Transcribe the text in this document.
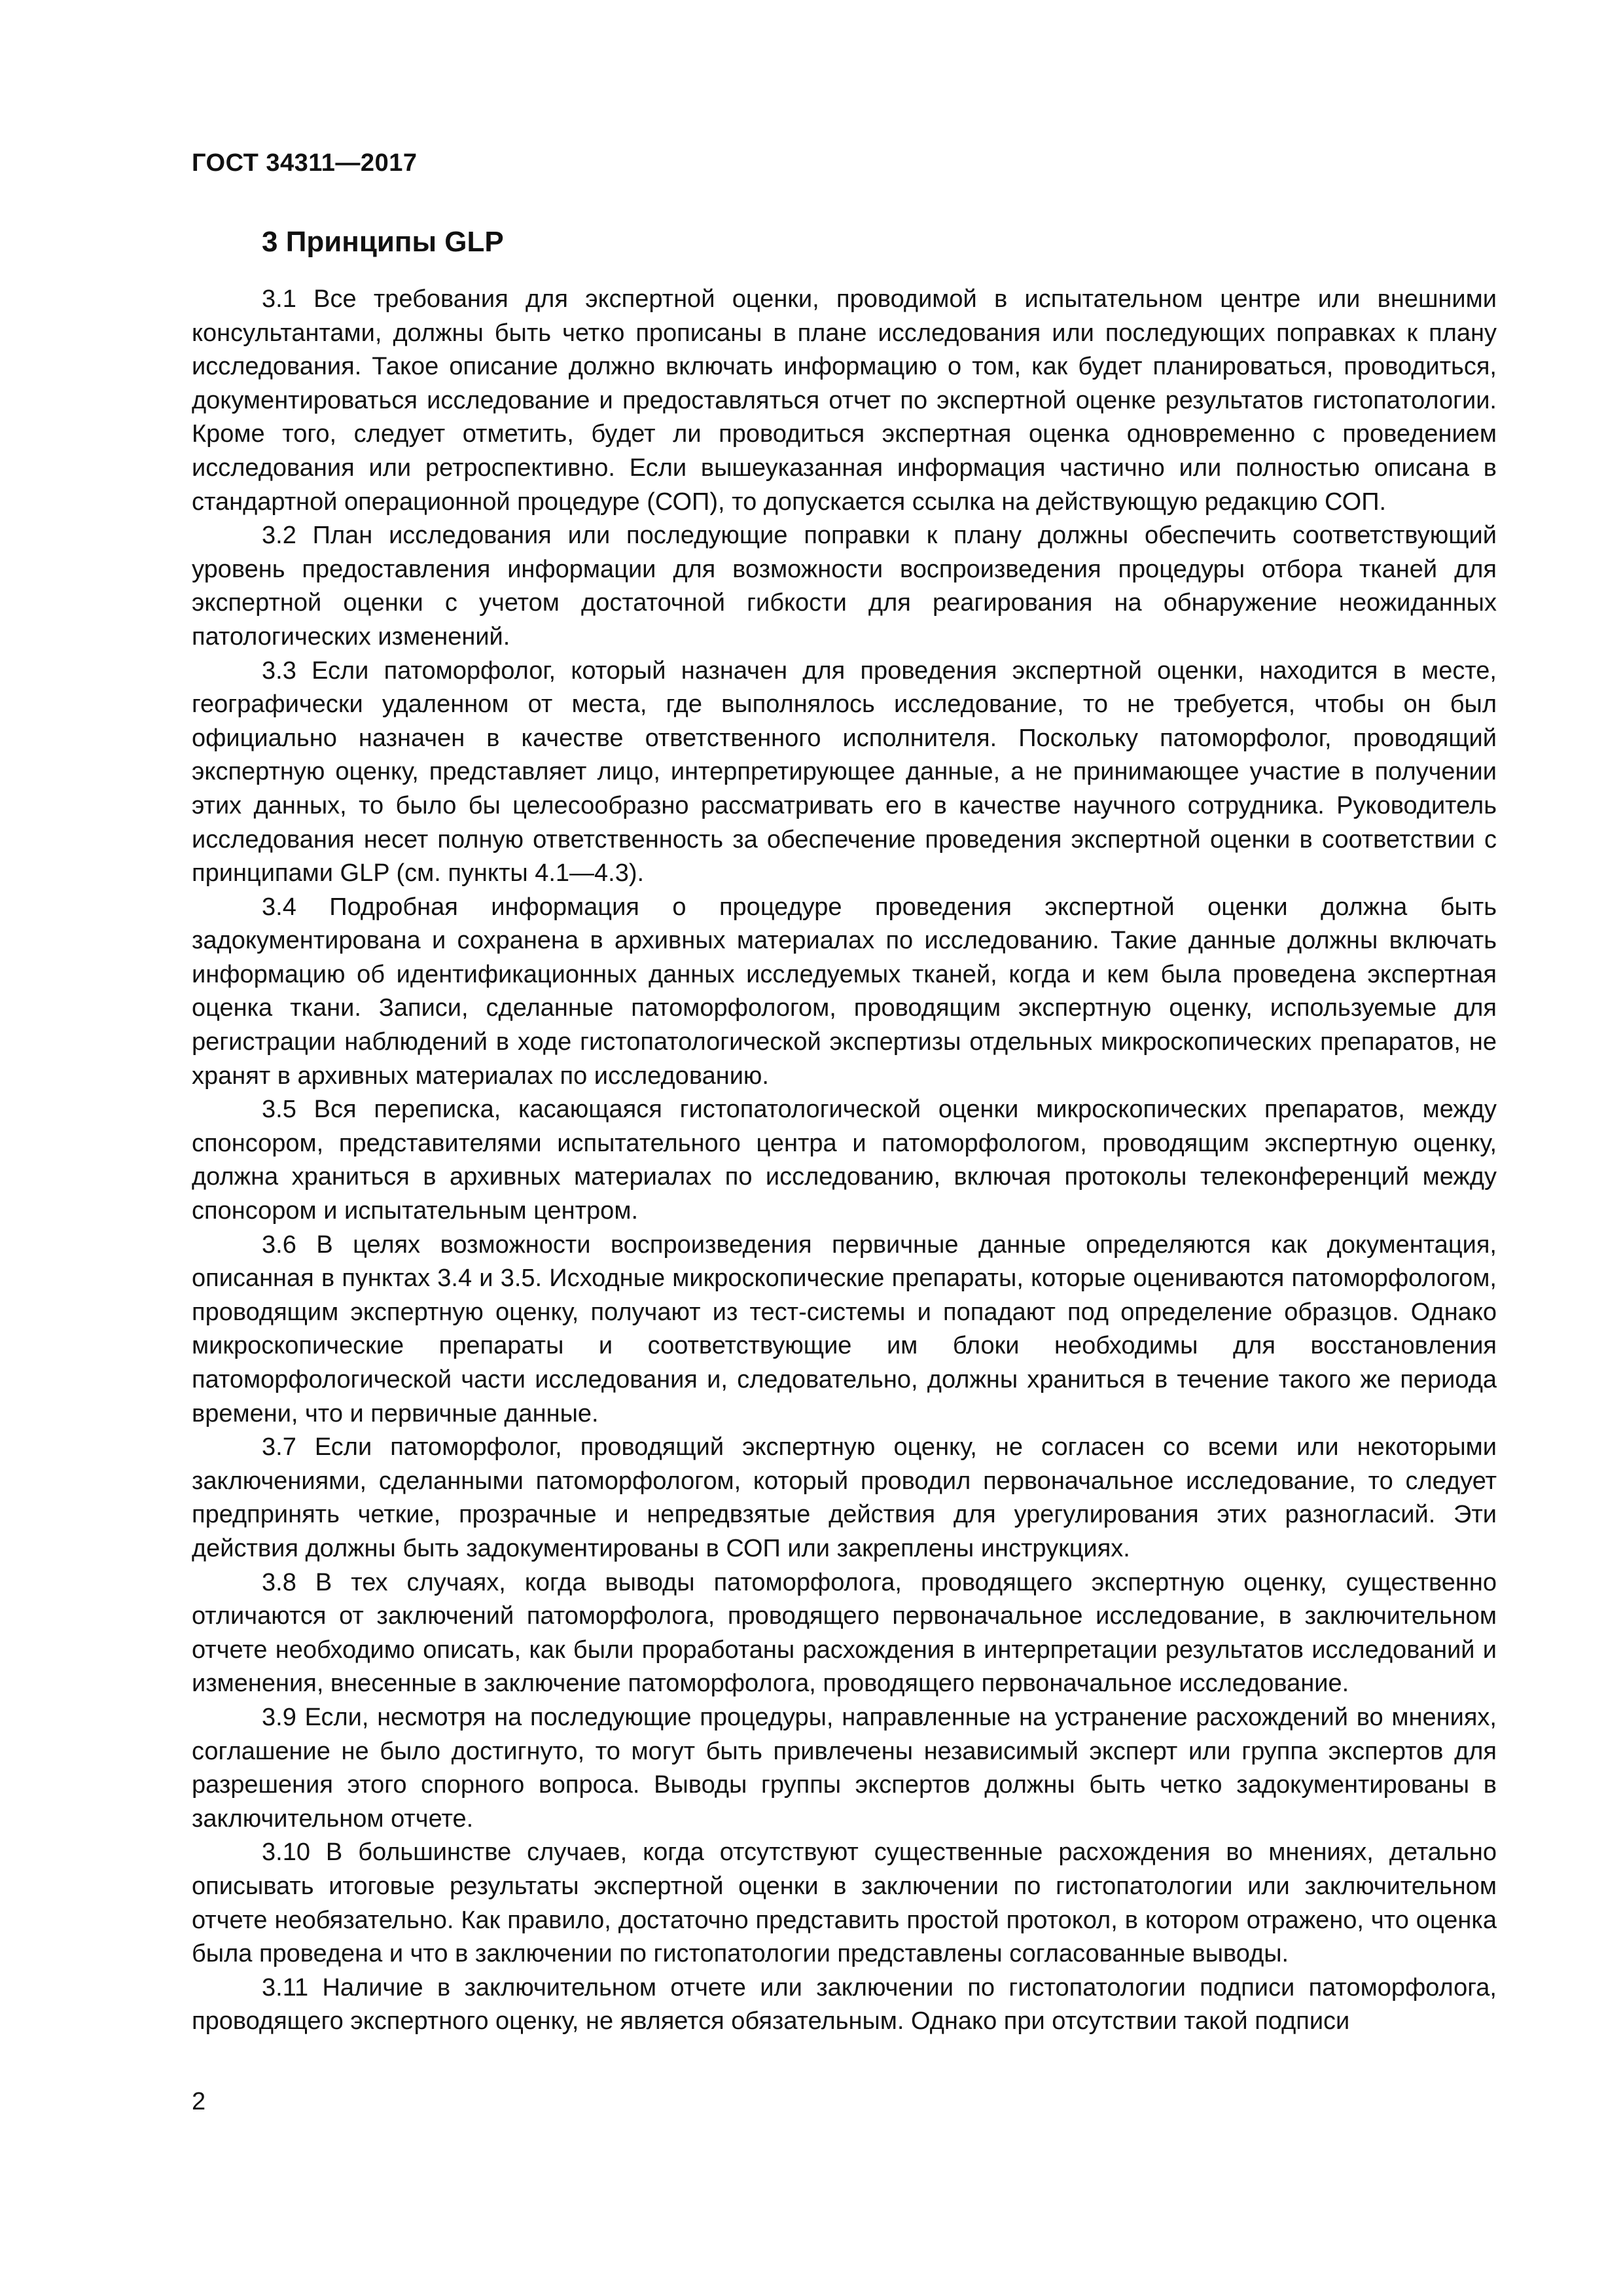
ГОСТ 34311—2017
3 Принципы GLP

3.1 Все требования для экспертной оценки, проводимой в испытательном центре или внешними консультантами, должны быть четко прописаны в плане исследования или последующих поправках к плану исследования. Такое описание должно включать информацию о том, как будет планироваться, проводиться, документироваться исследование и предоставляться отчет по экспертной оценке результатов гистопатологии. Кроме того, следует отметить, будет ли проводиться экспертная оценка одновременно с проведением исследования или ретроспективно. Если вышеуказанная информация частично или полностью описана в стандартной операционной процедуре (СОП), то допускается ссылка на действующую редакцию СОП.

3.2 План исследования или последующие поправки к плану должны обеспечить соответствующий уровень предоставления информации для возможности воспроизведения процедуры отбора тканей для экспертной оценки с учетом достаточной гибкости для реагирования на обнаружение неожиданных патологических изменений.

3.3 Если патоморфолог, который назначен для проведения экспертной оценки, находится в месте, географически удаленном от места, где выполнялось исследование, то не требуется, чтобы он был официально назначен в качестве ответственного исполнителя. Поскольку патоморфолог, проводящий экспертную оценку, представляет лицо, интерпретирующее данные, а не принимающее участие в получении этих данных, то было бы целесообразно рассматривать его в качестве научного сотрудника. Руководитель исследования несет полную ответственность за обеспечение проведения экспертной оценки в соответствии с принципами GLP (см. пункты 4.1—4.3).

3.4 Подробная информация о процедуре проведения экспертной оценки должна быть задокументирована и сохранена в архивных материалах по исследованию. Такие данные должны включать информацию об идентификационных данных исследуемых тканей, когда и кем была проведена экспертная оценка ткани. Записи, сделанные патоморфологом, проводящим экспертную оценку, используемые для регистрации наблюдений в ходе гистопатологической экспертизы отдельных микроскопических препаратов, не хранят в архивных материалах по исследованию.

3.5 Вся переписка, касающаяся гистопатологической оценки микроскопических препаратов, между спонсором, представителями испытательного центра и патоморфологом, проводящим экспертную оценку, должна храниться в архивных материалах по исследованию, включая протоколы телеконференций между спонсором и испытательным центром.

3.6 В целях возможности воспроизведения первичные данные определяются как документация, описанная в пунктах 3.4 и 3.5. Исходные микроскопические препараты, которые оцениваются патоморфологом, проводящим экспертную оценку, получают из тест-системы и попадают под определение образцов. Однако микроскопические препараты и соответствующие им блоки необходимы для восстановления патоморфологической части исследования и, следовательно, должны храниться в течение такого же периода времени, что и первичные данные.

3.7 Если патоморфолог, проводящий экспертную оценку, не согласен со всеми или некоторыми заключениями, сделанными патоморфологом, который проводил первоначальное исследование, то следует предпринять четкие, прозрачные и непредвзятые действия для урегулирования этих разногласий. Эти действия должны быть задокументированы в СОП или закреплены инструкциях.

3.8 В тех случаях, когда выводы патоморфолога, проводящего экспертную оценку, существенно отличаются от заключений патоморфолога, проводящего первоначальное исследование, в заключительном отчете необходимо описать, как были проработаны расхождения в интерпретации результатов исследований и изменения, внесенные в заключение патоморфолога, проводящего первоначальное исследование.

3.9 Если, несмотря на последующие процедуры, направленные на устранение расхождений во мнениях, соглашение не было достигнуто, то могут быть привлечены независимый эксперт или группа экспертов для разрешения этого спорного вопроса. Выводы группы экспертов должны быть четко задокументированы в заключительном отчете.

3.10 В большинстве случаев, когда отсутствуют существенные расхождения во мнениях, детально описывать итоговые результаты экспертной оценки в заключении по гистопатологии или заключительном отчете необязательно. Как правило, достаточно представить простой протокол, в котором отражено, что оценка была проведена и что в заключении по гистопатологии представлены согласованные выводы.

3.11 Наличие в заключительном отчете или заключении по гистопатологии подписи патоморфолога, проводящего экспертного оценку, не является обязательным. Однако при отсутствии такой подписи

2
